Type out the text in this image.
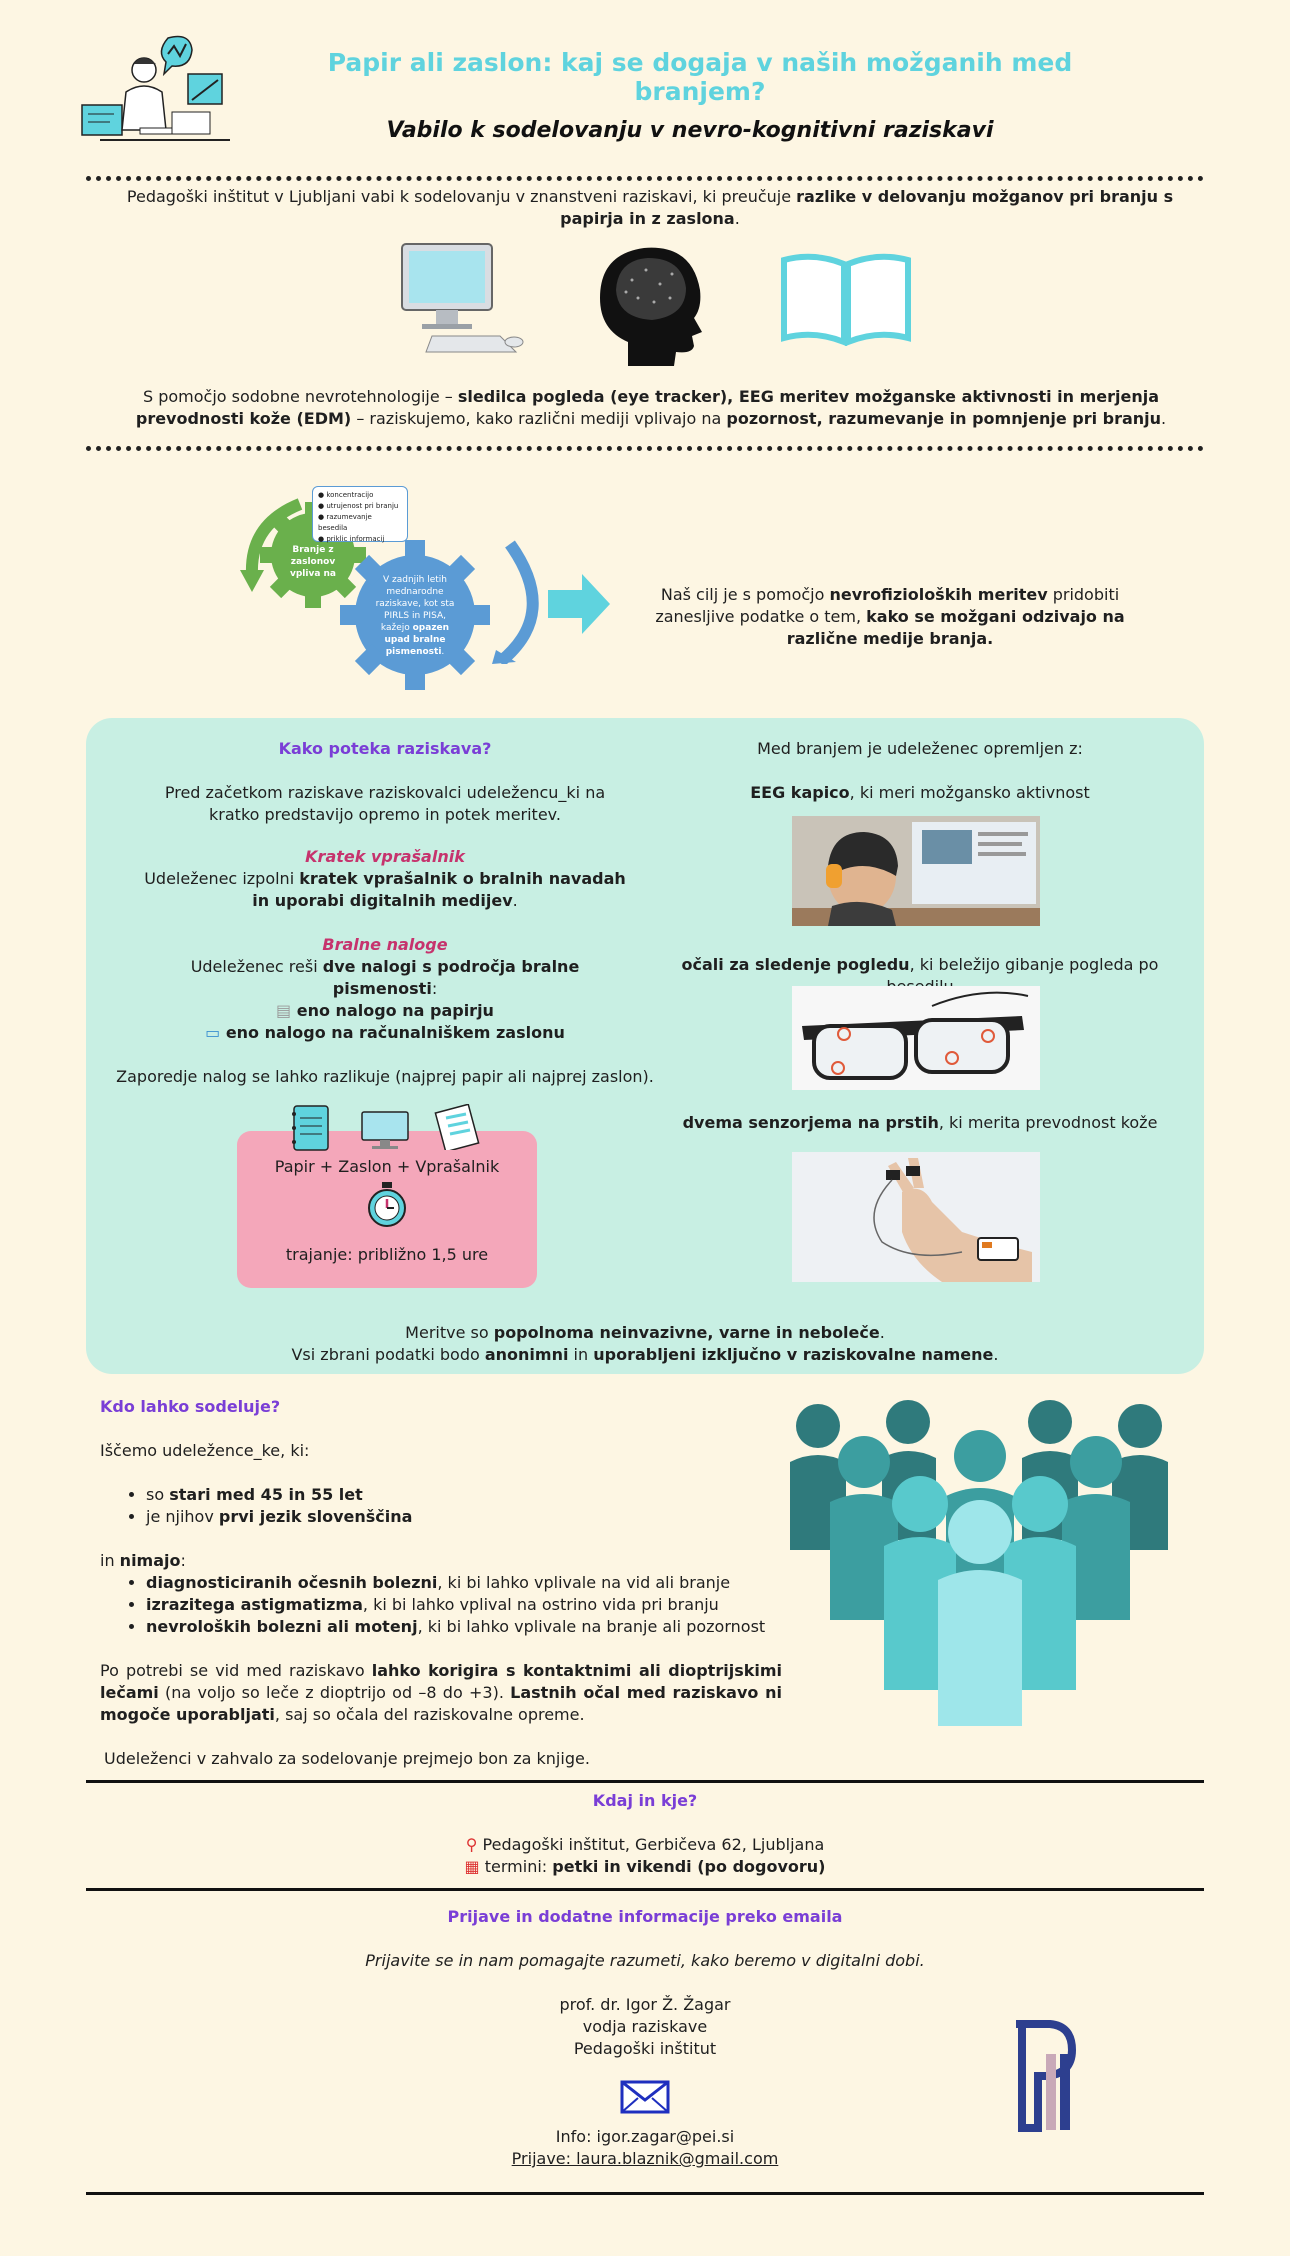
Papir ali zaslon: kaj se dogaja v naših možganih med branjem?
Vabilo k sodelovanju v nevro-kognitivni raziskavi
Pedagoški inštitut v Ljubljani vabi k sodelovanju v znanstveni raziskavi, ki preučuje razlike v delovanju možganov pri branju s papirja in z zaslona.
S pomočjo sodobne nevrotehnologije – sledilca pogleda (eye tracker), EEG meritev možganske aktivnosti in merjenja prevodnosti kože (EDM) – raziskujemo, kako različni mediji vplivajo na pozornost, razumevanje in pomnjenje pri branju.
Branje z zaslonov vpliva na
V zadnjih letih mednarodne raziskave, kot sta PIRLS in PISA, kažejo opazen upad bralne pismenosti.
● koncentracijo
● utrujenost pri branju
● razumevanje besedila
● priklic informacij
Naš cilj je s pomočjo nevrofizioloških meritev pridobiti zanesljive podatke o tem, kako se možgani odzivajo na različne medije branja.
Kako poteka raziskava?
Pred začetkom raziskave raziskovalci udeležencu_ki na kratko predstavijo opremo in potek meritev.
Kratek vprašalnik
Udeleženec izpolni kratek vprašalnik o bralnih navadah in uporabi digitalnih medijev.
Bralne naloge
Udeleženec reši dve nalogi s področja bralne pismenosti:
▤ eno nalogo na papirju
▭ eno nalogo na računalniškem zaslonu
Zaporedje nalog se lahko razlikuje (najprej papir ali najprej zaslon).
Papir + Zaslon + Vprašalnik
trajanje: približno 1,5 ure
Med branjem je udeleženec opremljen z:
EEG kapico, ki meri možgansko aktivnost
očali za sledenje pogledu, ki beležijo gibanje pogleda po
dvema senzorjema na prstih, ki merita prevodnost kože
Meritve so popolnoma neinvazivne, varne in neboleče.
Vsi zbrani podatki bodo anonimni in uporabljeni izključno v raziskovalne namene.
Kdo lahko sodeluje?
Iščemo udeležence_ke, ki:
• so stari med 45 in 55 let
• je njihov prvi jezik slovenščina
in nimajo:
• diagnosticiranih očesnih bolezni, ki bi lahko vplivale na vid ali branje
• izrazitega astigmatizma, ki bi lahko vplival na ostrino vida pri branju
• nevroloških bolezni ali motenj, ki bi lahko vplivale na branje ali pozornost
Po potrebi se vid med raziskavo lahko korigira s kontaktnimi ali dioptrijskimi lečami (na voljo so leče z dioptrijo od –8 do +3). Lastnih očal med raziskavo ni mogoče uporabljati, saj so očala del raziskovalne opreme.
Udeleženci v zahvalo za sodelovanje prejmejo bon za knjige.
Kdaj in kje?
⚲ Pedagoški inštitut, Gerbičeva 62, Ljubljana
▦ termini: petki in vikendi (po dogovoru)
Prijave in dodatne informacije preko emaila
Prijavite se in nam pomagajte razumeti, kako beremo v digitalni dobi.
prof. dr. Igor Ž. Žagar
vodja raziskave
Pedagoški inštitut
Info: igor.zagar@pei.si
Prijave: laura.blaznik@gmail.com
